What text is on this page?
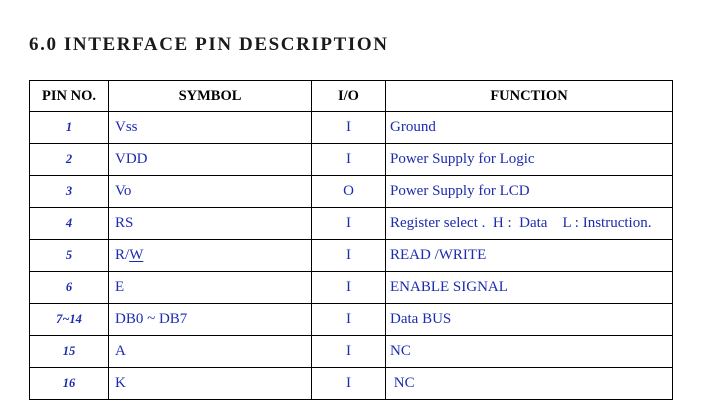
6.0 INTERFACE PIN DESCRIPTION
PIN NO.	SYMBOL	I/O	FUNCTION
1	Vss	I	Ground
2	VDD	I	Power Supply for Logic
3	Vo	O	Power Supply for LCD
4	RS	I	Register select .  H :  Data    L : Instruction.
5	R/W	I	READ /WRITE
6	E	I	ENABLE SIGNAL
7~14	DB0 ~ DB7	I	Data BUS
15	A	I	NC
16	K	I	NC
